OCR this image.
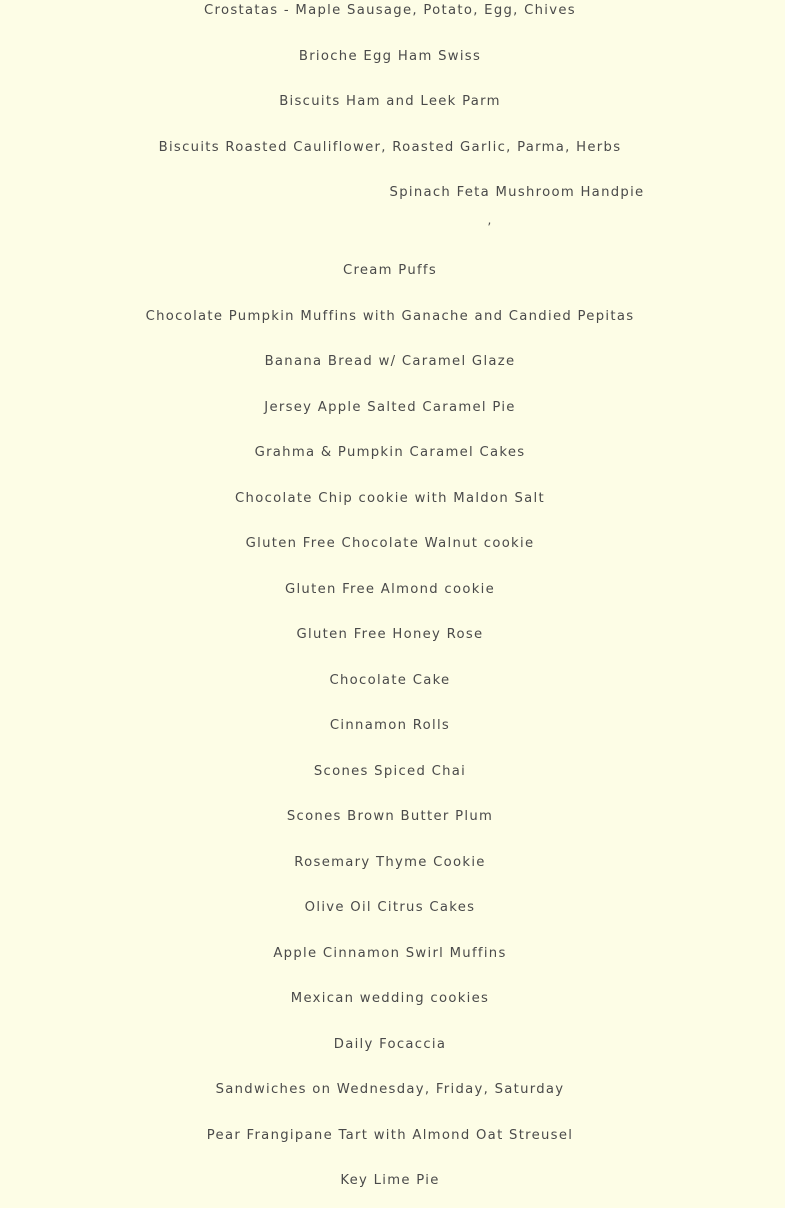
Crostatas - Maple Sausage, Potato, Egg, Chives
Brioche Egg Ham Swiss
Biscuits Ham and Leek Parm
Biscuits Roasted Cauliflower, Roasted Garlic, Parma, Herbs
Spinach Feta Mushroom Handpie
,
Cream Puffs
Chocolate Pumpkin Muffins with Ganache and Candied Pepitas
Banana Bread w/ Caramel Glaze
Jersey Apple Salted Caramel Pie
Grahma & Pumpkin Caramel Cakes
Chocolate Chip cookie with Maldon Salt
Gluten Free Chocolate Walnut cookie
Gluten Free Almond cookie
Gluten Free Honey Rose
Chocolate Cake
Cinnamon Rolls
Scones Spiced Chai
Scones Brown Butter Plum
Rosemary Thyme Cookie
Olive Oil Citrus Cakes
Apple Cinnamon Swirl Muffins
Mexican wedding cookies
Daily Focaccia
Sandwiches on Wednesday, Friday, Saturday
Pear Frangipane Tart with Almond Oat Streusel
Key Lime Pie
